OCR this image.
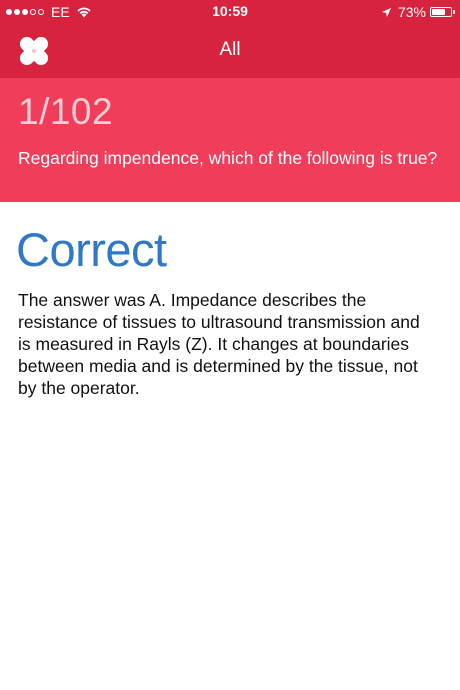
EE	10:59	73%
All
1/102
Regarding impendence, which of the following is true?
Correct
The answer was A. Impedance describes the resistance of tissues to ultrasound transmission and is measured in Rayls (Z). It changes at boundaries between media and is determined by the tissue, not by the operator.
